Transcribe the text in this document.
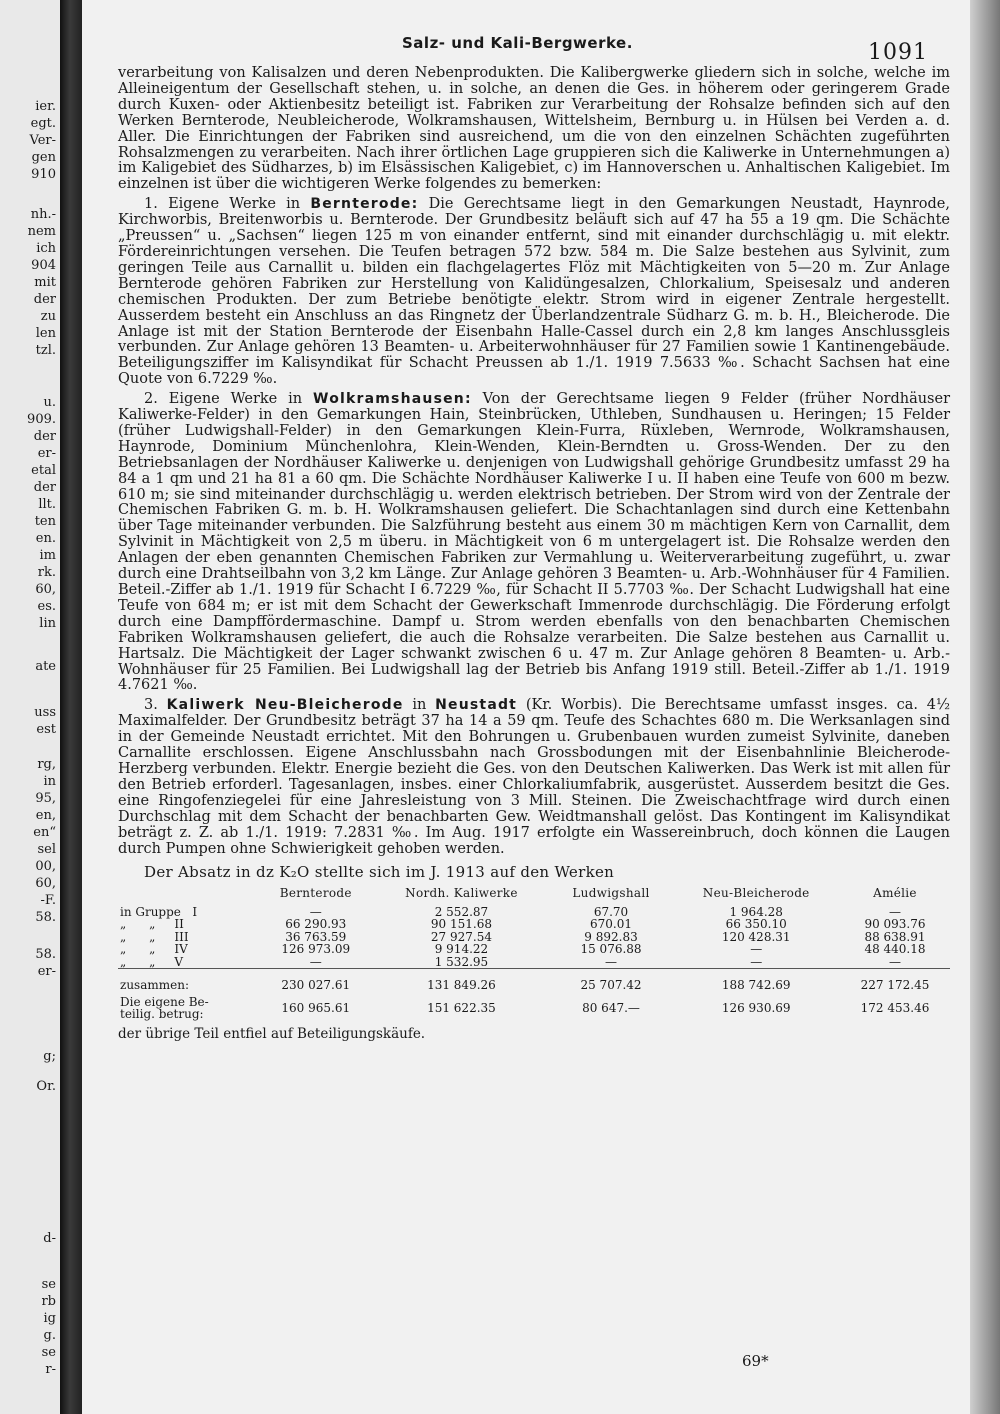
ier.
egt.
Ver-
gen
910
nh.-
nem
ich
904
mit
der
zu
len
tzl.
u.
909.
der
er-
etal
der
llt.
ten
en.
im
rk.
60,
es.
lin
ate
uss
est
rg,
in
95,
en,
en“
sel
00,
60,
-F.
58.
58.
er-
g;
Or.
d-
se
rb
ig
g.
se
r-
Salz- und Kali-Bergwerke.	1091

verarbeitung von Kalisalzen und deren Nebenprodukten. Die Kalibergwerke gliedern sich in solche, welche im Alleineigentum der Gesellschaft stehen, u. in solche, an denen die Ges. in höherem oder geringerem Grade durch Kuxen- oder Aktienbesitz beteiligt ist. Fabriken zur Verarbeitung der Rohsalze befinden sich auf den Werken Bernterode, Neubleicherode, Wolkramshausen, Wittelsheim, Bernburg u. in Hülsen bei Verden a. d. Aller. Die Einrichtungen der Fabriken sind ausreichend, um die von den einzelnen Schächten zugeführten Rohsalzmengen zu verarbeiten. Nach ihrer örtlichen Lage gruppieren sich die Kaliwerke in Unternehmungen a) im Kaligebiet des Südharzes, b) im Elsässischen Kaligebiet, c) im Hannoverschen u. Anhaltischen Kaligebiet. Im einzelnen ist über die wichtigeren Werke folgendes zu bemerken:

1. Eigene Werke in Bernterode: Die Gerechtsame liegt in den Gemarkungen Neustadt, Haynrode, Kirchworbis, Breitenworbis u. Bernterode. Der Grundbesitz beläuft sich auf 47 ha 55 a 19 qm. Die Schächte „Preussen“ u. „Sachsen“ liegen 125 m von einander entfernt, sind mit einander durchschlägig u. mit elektr. Fördereinrichtungen versehen. Die Teufen betragen 572 bzw. 584 m. Die Salze bestehen aus Sylvinit, zum geringen Teile aus Carnallit u. bilden ein flachgelagertes Flöz mit Mächtigkeiten von 5—20 m. Zur Anlage Bernterode gehören Fabriken zur Herstellung von Kalidüngesalzen, Chlorkalium, Speisesalz und anderen chemischen Produkten. Der zum Betriebe benötigte elektr. Strom wird in eigener Zentrale hergestellt. Ausserdem besteht ein Anschluss an das Ringnetz der Überlandzentrale Südharz G. m. b. H., Bleicherode. Die Anlage ist mit der Station Bernterode der Eisenbahn Halle-Cassel durch ein 2,8 km langes Anschlussgleis verbunden. Zur Anlage gehören 13 Beamten- u. Arbeiterwohnhäuser für 27 Familien sowie 1 Kantinengebäude. Beteiligungsziffer im Kalisyndikat für Schacht Preussen ab 1./1. 1919 7.5633 ‰. Schacht Sachsen hat eine Quote von 6.7229 ‰.

2. Eigene Werke in Wolkramshausen: Von der Gerechtsame liegen 9 Felder (früher Nordhäuser Kaliwerke-Felder) in den Gemarkungen Hain, Steinbrücken, Uthleben, Sundhausen u. Heringen; 15 Felder (früher Ludwigshall-Felder) in den Gemarkungen Klein-Furra, Rüxleben, Wernrode, Wolkramshausen, Haynrode, Dominium Münchenlohra, Klein-Wenden, Klein-Berndten u. Gross-Wenden. Der zu den Betriebsanlagen der Nordhäuser Kaliwerke u. denjenigen von Ludwigshall gehörige Grundbesitz umfasst 29 ha 84 a 1 qm und 21 ha 81 a 60 qm. Die Schächte Nordhäuser Kaliwerke I u. II haben eine Teufe von 600 m bezw. 610 m; sie sind miteinander durchschlägig u. werden elektrisch betrieben. Der Strom wird von der Zentrale der Chemischen Fabriken G. m. b. H. Wolkramshausen geliefert. Die Schachtanlagen sind durch eine Kettenbahn über Tage miteinander verbunden. Die Salzführung besteht aus einem 30 m mächtigen Kern von Carnallit, dem Sylvinit in Mächtigkeit von 2,5 m überu. in Mächtigkeit von 6 m untergelagert ist. Die Rohsalze werden den Anlagen der eben genannten Chemischen Fabriken zur Vermahlung u. Weiterverarbeitung zugeführt, u. zwar durch eine Drahtseilbahn von 3,2 km Länge. Zur Anlage gehören 3 Beamten- u. Arb.-Wohnhäuser für 4 Familien. Beteil.-Ziffer ab 1./1. 1919 für Schacht I 6.7229 ‰, für Schacht II 5.7703 ‰. Der Schacht Ludwigshall hat eine Teufe von 684 m; er ist mit dem Schacht der Gewerkschaft Immenrode durchschlägig. Die Förderung erfolgt durch eine Dampffördermaschine. Dampf u. Strom werden ebenfalls von den benachbarten Chemischen Fabriken Wolkramshausen geliefert, die auch die Rohsalze verarbeiten. Die Salze bestehen aus Carnallit u. Hartsalz. Die Mächtigkeit der Lager schwankt zwischen 6 u. 47 m. Zur Anlage gehören 8 Beamten- u. Arb.-Wohnhäuser für 25 Familien. Bei Ludwigshall lag der Betrieb bis Anfang 1919 still. Beteil.-Ziffer ab 1./1. 1919 4.7621 ‰.

3. Kaliwerk Neu-Bleicherode in Neustadt (Kr. Worbis). Die Berechtsame umfasst insges. ca. 4½ Maximalfelder. Der Grundbesitz beträgt 37 ha 14 a 59 qm. Teufe des Schachtes 680 m. Die Werksanlagen sind in der Gemeinde Neustadt errichtet. Mit den Bohrungen u. Grubenbauen wurden zumeist Sylvinite, daneben Carnallite erschlossen. Eigene Anschlussbahn nach Grossbodungen mit der Eisenbahnlinie Bleicherode-Herzberg verbunden. Elektr. Energie bezieht die Ges. von den Deutschen Kaliwerken. Das Werk ist mit allen für den Betrieb erforderl. Tagesanlagen, insbes. einer Chlorkaliumfabrik, ausgerüstet. Ausserdem besitzt die Ges. eine Ringofenziegelei für eine Jahresleistung von 3 Mill. Steinen. Die Zweischachtfrage wird durch einen Durchschlag mit dem Schacht der benachbarten Gew. Weidtmanshall gelöst. Das Kontingent im Kalisyndikat beträgt z. Z. ab 1./1. 1919: 7.2831 ‰. Im Aug. 1917 erfolgte ein Wassereinbruch, doch können die Laugen durch Pumpen ohne Schwierigkeit gehoben werden.

Der Absatz in dz K₂O stellte sich im J. 1913 auf den Werken
	Bernterode	Nordh. Kaliwerke	Ludwigshall	Neu-Bleicherode	Amélie
in Gruppe   I	—	2 552.87	67.70	1 964.28	—
„      „     II	66 290.93	90 151.68	670.01	66 350.10	90 093.76
„      „     III	36 763.59	27 927.54	9 892.83	120 428.31	88 638.91
„      „     IV	126 973.09	9 914.22	15 076.88	—	48 440.18
„      „     V	—	1 532.95	—	—	—
zusammen:	230 027.61	131 849.26	25 707.42	188 742.69	227 172.45
Die eigene Be-
teilig. betrug:	160 965.61	151 622.35	80 647.—	126 930.69	172 453.46
der übrige Teil entfiel auf Beteiligungskäufe.
69*
